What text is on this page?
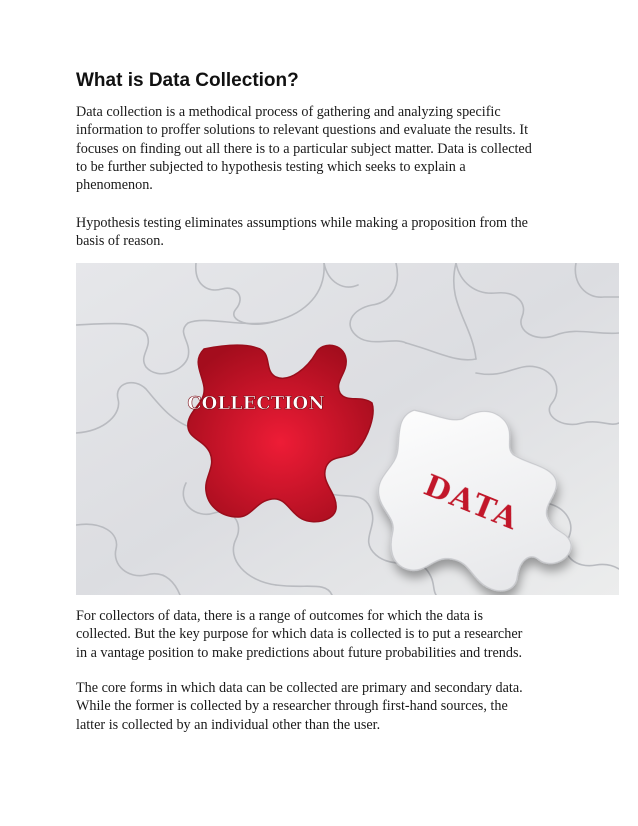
What is Data Collection?
Data collection is a methodical process of gathering and analyzing specific
information to proffer solutions to relevant questions and evaluate the results. It
focuses on finding out all there is to a particular subject matter. Data is collected
to be further subjected to hypothesis testing which seeks to explain a
phenomenon.
Hypothesis testing eliminates assumptions while making a proposition from the
basis of reason.
COLLECTION
DATA
For collectors of data, there is a range of outcomes for which the data is
collected. But the key purpose for which data is collected is to put a researcher
in a vantage position to make predictions about future probabilities and trends.
The core forms in which data can be collected are primary and secondary data.
While the former is collected by a researcher through first-hand sources, the
latter is collected by an individual other than the user.
